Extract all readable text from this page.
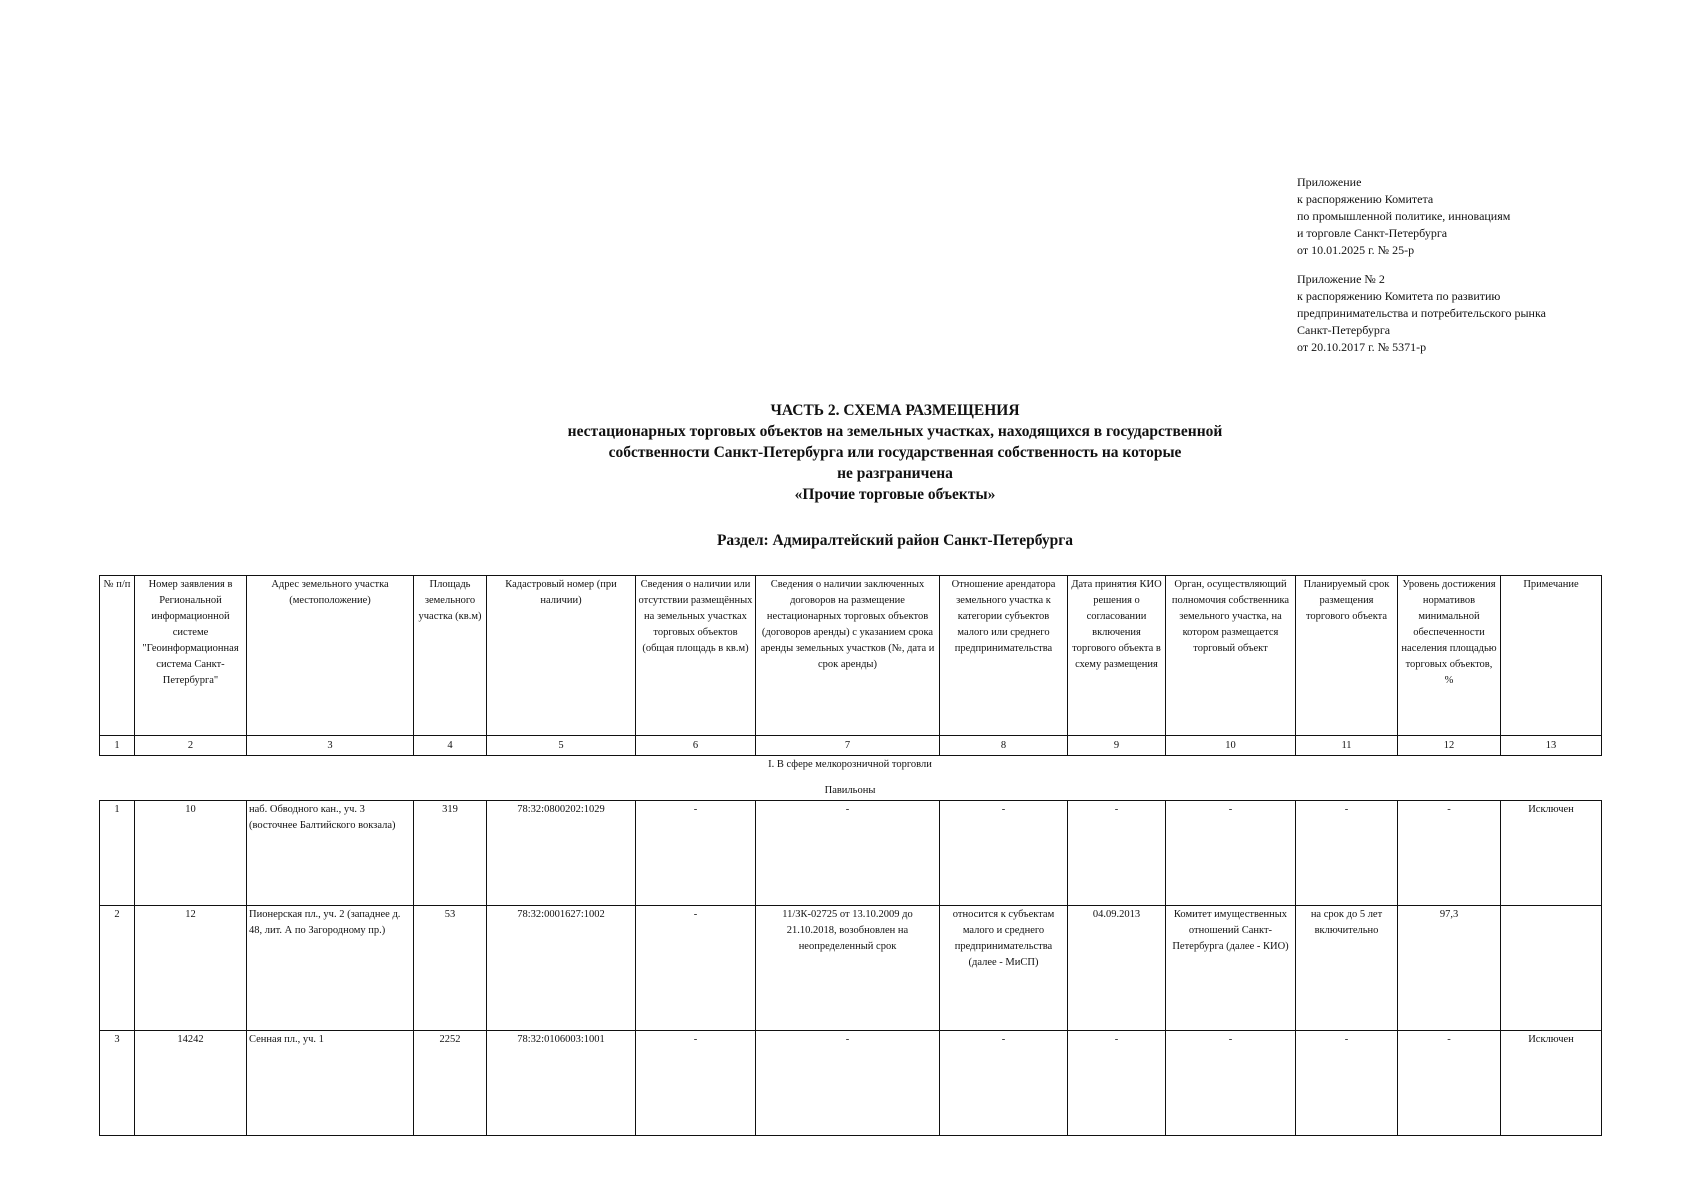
Приложение

к распоряжению Комитета

по промышленной политике, инновациям

и торговле Санкт-Петербурга

от 10.01.2025 г. № 25-р

Приложение № 2

к распоряжению Комитета по развитию

предпринимательства и потребительского рынка

Санкт-Петербурга

от 20.10.2017 г. № 5371-р

ЧАСТЬ 2. СХЕМА РАЗМЕЩЕНИЯ
нестационарных торговых объектов на земельных участках, находящихся в государственной
собственности Санкт-Петербурга или государственная собственность на которые
не разграничена
«Прочие торговые объекты»
Раздел: Адмиралтейский район Санкт-Петербурга
№ п/п	Номер заявления в Региональной информационной системе "Геоинформационная система Санкт-Петербурга"	Адрес земельного участка (местоположение)	Площадь земельного участка (кв.м)	Кадастровый номер (при наличии)	Сведения о наличии или отсутствии размещённых на земельных участках торговых объектов (общая площадь в кв.м)	Сведения о наличии заключенных договоров на размещение нестационарных торговых объектов (договоров аренды) с указанием срока аренды земельных участков (№, дата и срок аренды)	Отношение арендатора земельного участка к категории субъектов малого или среднего предпринимательства	Дата принятия КИО решения о согласовании включения торгового объекта в схему размещения	Орган, осуществляющий полномочия собственника земельного участка, на котором размещается торговый объект	Планируемый срок размещения торгового объекта	Уровень достижения нормативов минимальной обеспеченности населения площадью торговых объектов, %	Примечание
1	2	3	4	5	6	7	8	9	10	11	12	13
I. В сфере мелкорозничной торговли
Павильоны
1	10	наб. Обводного кан., уч. 3 (восточнее Балтийского вокзала)	319	78:32:0800202:1029	-	-	-	-	-	-	-	Исключен
2	12	Пионерская пл., уч. 2 (западнее д. 48, лит. А по Загородному пр.)	53	78:32:0001627:1002	-	11/ЗК-02725 от 13.10.2009 до 21.10.2018, возобновлен на неопределенный срок	относится к субъектам малого и среднего предпринимательства (далее - МиСП)	04.09.2013	Комитет имущественных отношений Санкт-Петербурга (далее - КИО)	на срок до 5 лет включительно	97,3	
3	14242	Сенная пл., уч. 1	2252	78:32:0106003:1001	-	-	-	-	-	-	-	Исключен
